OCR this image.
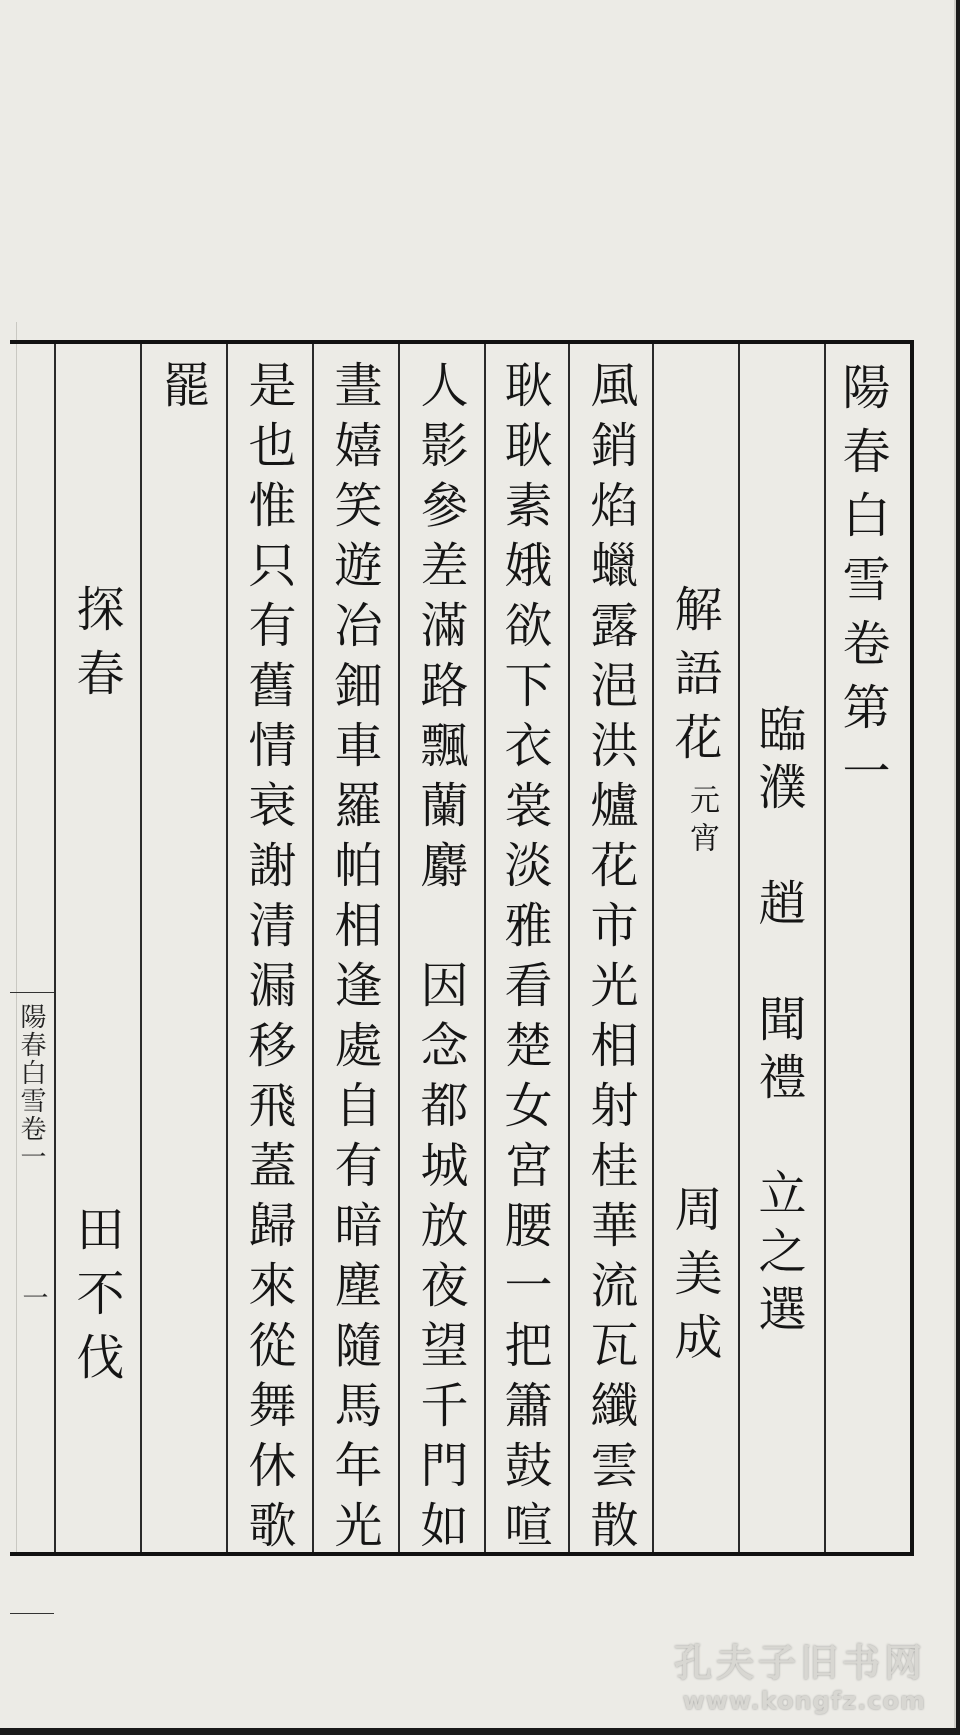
陽春白雪卷第一
臨濮　趙　聞禮　立之選
解語花
元宵
周美成
風銷焰蠟露浥洪爐花市光相射桂華流瓦纖雲散
耿耿素娥欲下衣裳淡雅看楚女宮腰一把簫鼓喧
人影參差滿路飄蘭麝　因念都城放夜望千門如
晝嬉笑遊冶鈿車羅帕相逢處自有暗塵隨馬年光
是也惟只有舊情衰謝清漏移飛蓋歸來從舞休歌
罷
探春
田不伐
陽春白雪卷一
一
孔夫子旧书网
www.kongfz.com
